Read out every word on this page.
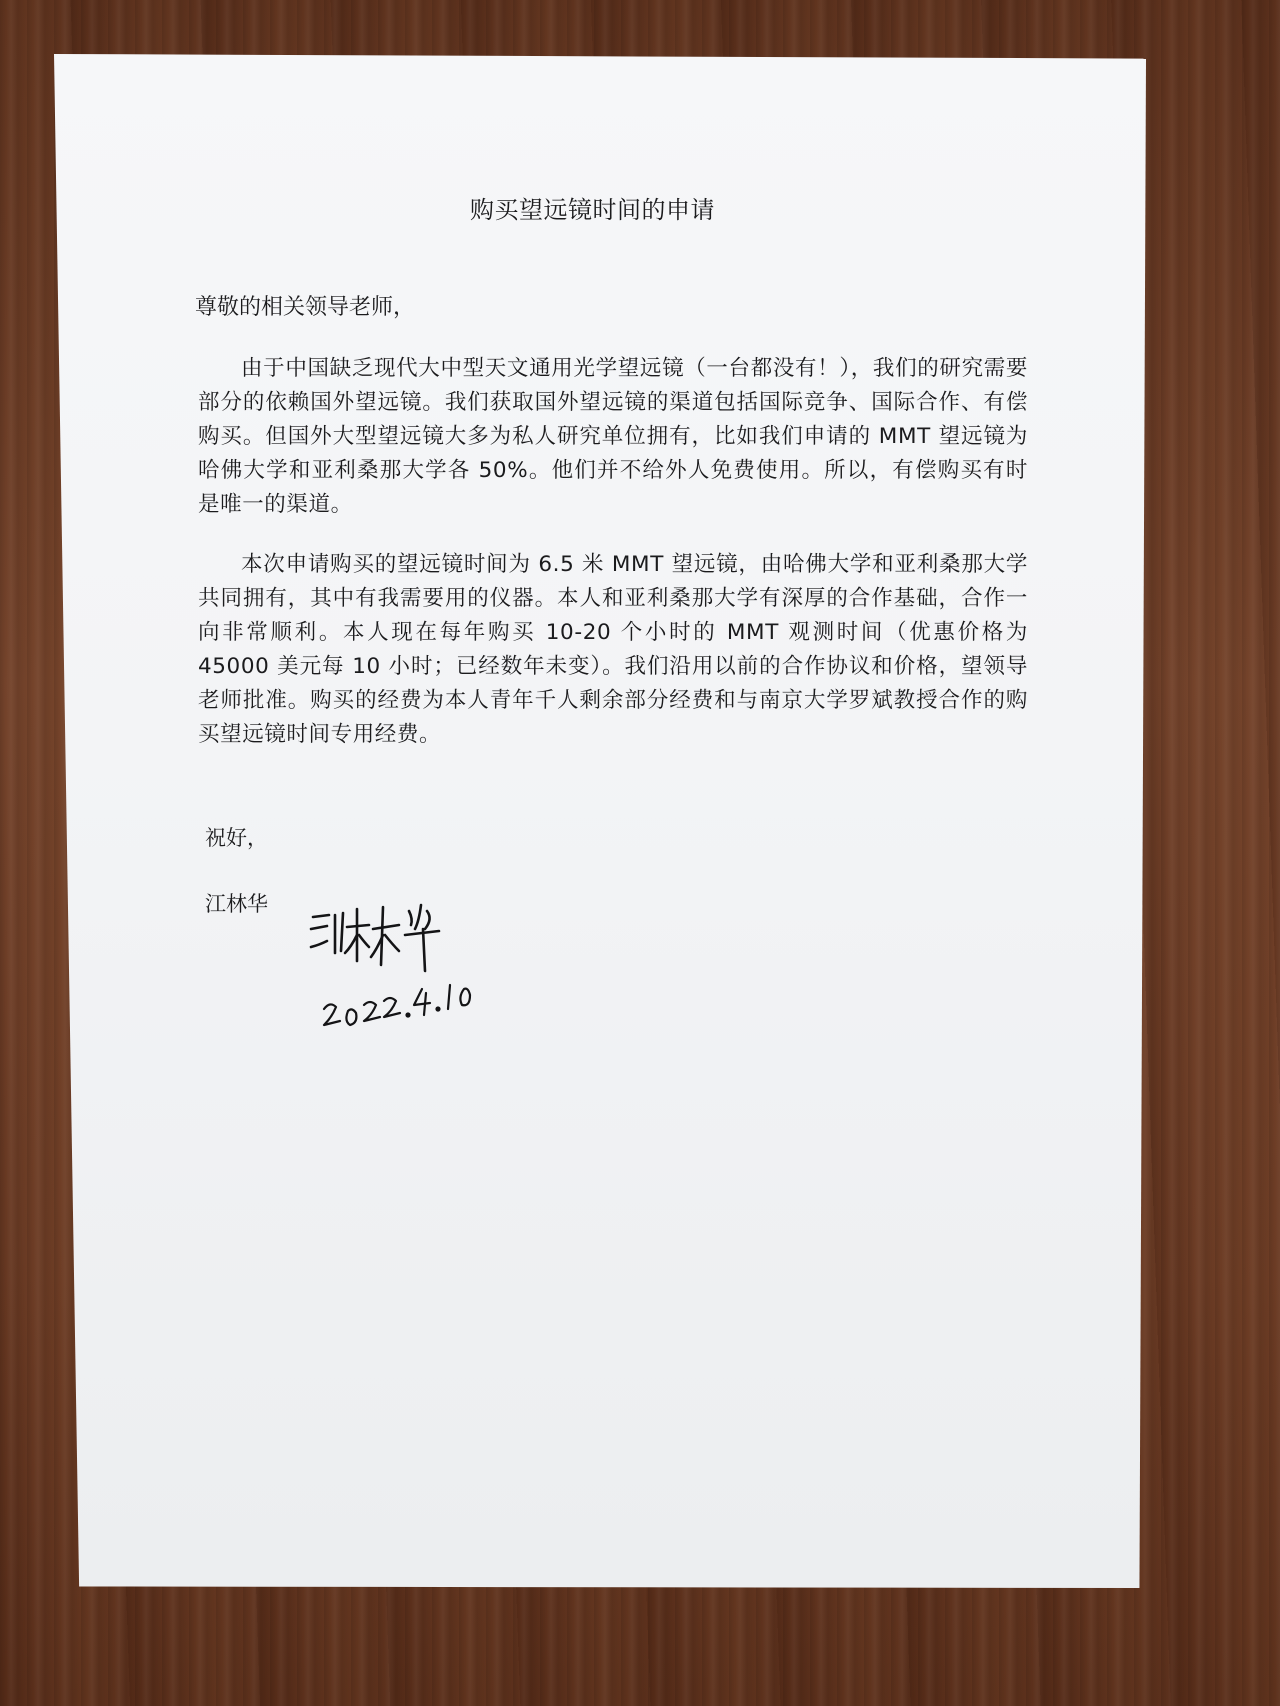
购买望远镜时间的申请
尊敬的相关领导老师，

由于中国缺乏现代大中型天文通用光学望远镜（一台都没有！），我们的研究需要部分的依赖国外望远镜。我们获取国外望远镜的渠道包括国际竞争、国际合作、有偿购买。但国外大型望远镜大多为私人研究单位拥有，比如我们申请的 MMT 望远镜为哈佛大学和亚利桑那大学各 50%。他们并不给外人免费使用。所以，有偿购买有时是唯一的渠道。

本次申请购买的望远镜时间为 6.5 米 MMT 望远镜，由哈佛大学和亚利桑那大学共同拥有，其中有我需要用的仪器。本人和亚利桑那大学有深厚的合作基础，合作一向非常顺利。本人现在每年购买 10-20 个小时的 MMT 观测时间（优惠价格为 45000 美元每 10 小时；已经数年未变）。我们沿用以前的合作协议和价格，望领导老师批准。购买的经费为本人青年千人剩余部分经费和与南京大学罗斌教授合作的购买望远镜时间专用经费。

祝好，
江林华
